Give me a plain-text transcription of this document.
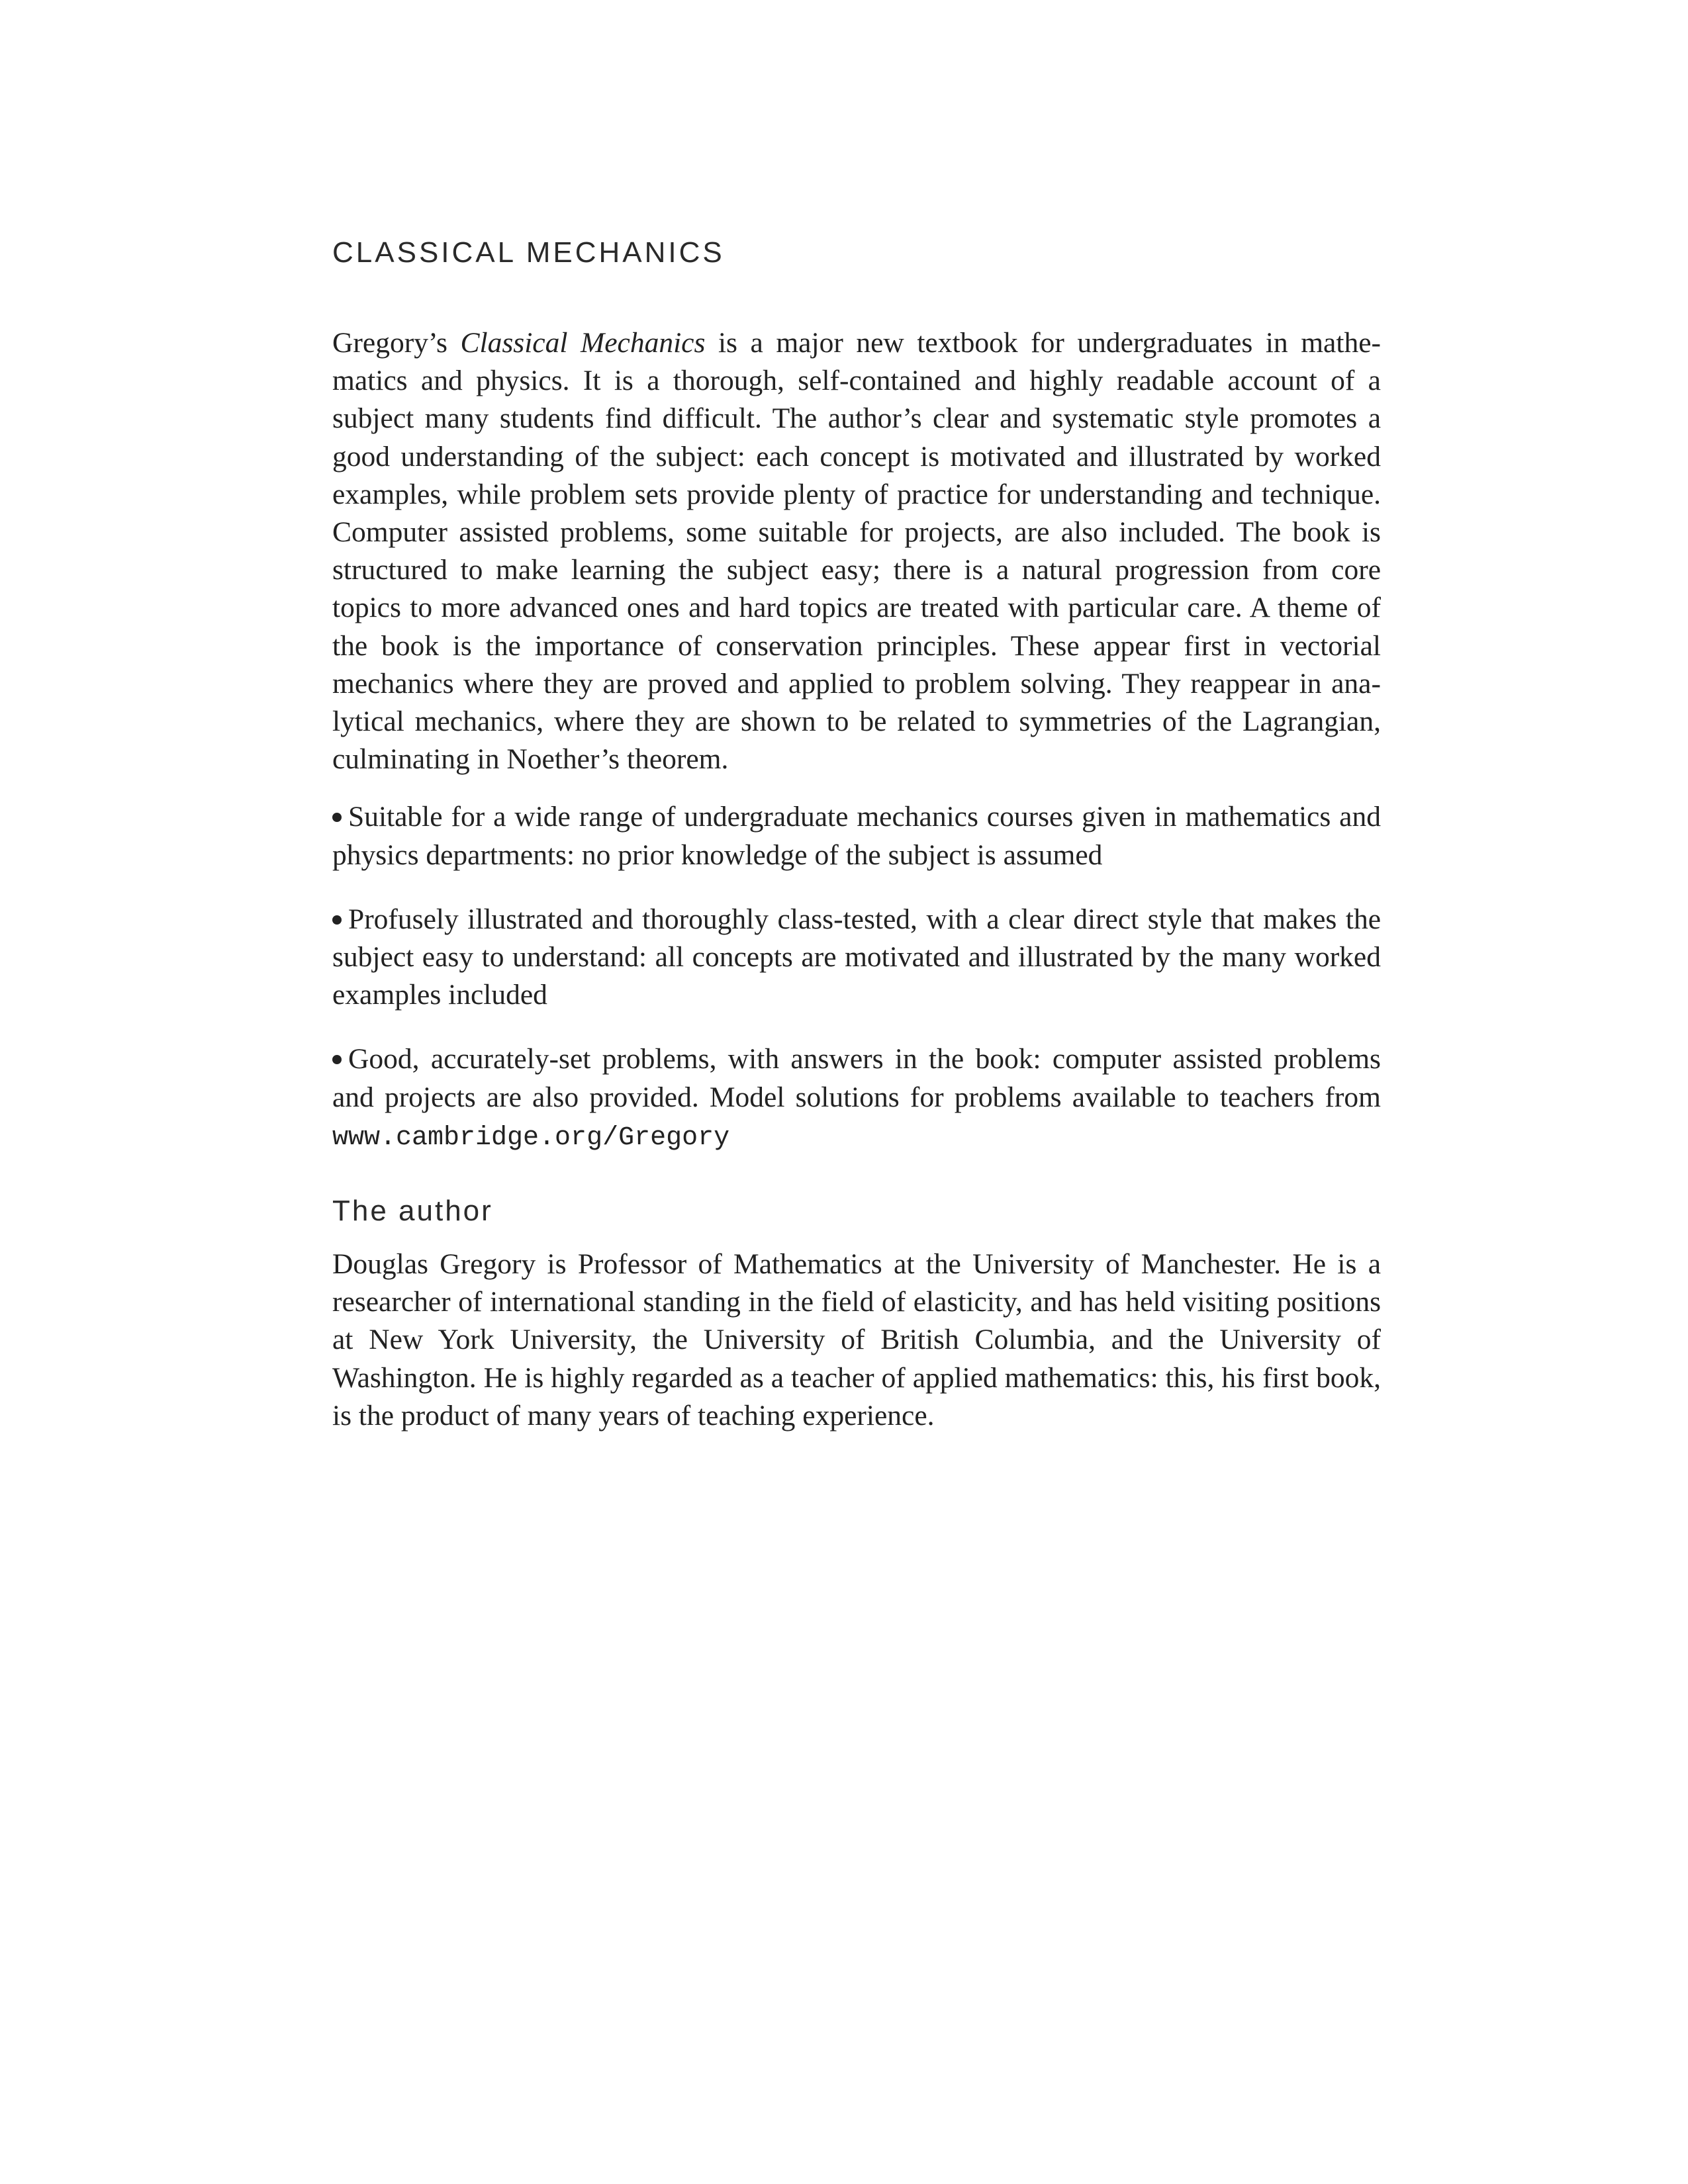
CLASSICAL MECHANICS

Gregory’s Classical Mechanics is a major new textbook for undergraduates in mathematics and physics. It is a thorough, self-contained and highly readable account of a subject many students find difficult. The author’s clear and systematic style promotes a good understanding of the subject: each concept is motivated and illustrated by worked examples, while problem sets provide plenty of practice for understanding and technique. Computer assisted problems, some suitable for projects, are also included. The book is structured to make learning the subject easy; there is a natural progression from core topics to more advanced ones and hard topics are treated with particular care. A theme of the book is the importance of conservation principles. These appear first in vectorial mechanics where they are proved and applied to problem solving. They reappear in analytical mechanics, where they are shown to be related to symmetries of the Lagrangian, culminating in Noether’s theorem.

Suitable for a wide range of undergraduate mechanics courses given in mathematics and physics departments: no prior knowledge of the subject is assumed
Profusely illustrated and thoroughly class-tested, with a clear direct style that makes the subject easy to understand: all concepts are motivated and illustrated by the many worked examples included
Good, accurately-set problems, with answers in the book: computer assisted problems and projects are also provided. Model solutions for problems available to teachers from www.cambridge.org/Gregory
The author

Douglas Gregory is Professor of Mathematics at the University of Manchester. He is a researcher of international standing in the field of elasticity, and has held visiting positions at New York University, the University of British Columbia, and the University of Washington. He is highly regarded as a teacher of applied mathematics: this, his first book, is the product of many years of teaching experience.
